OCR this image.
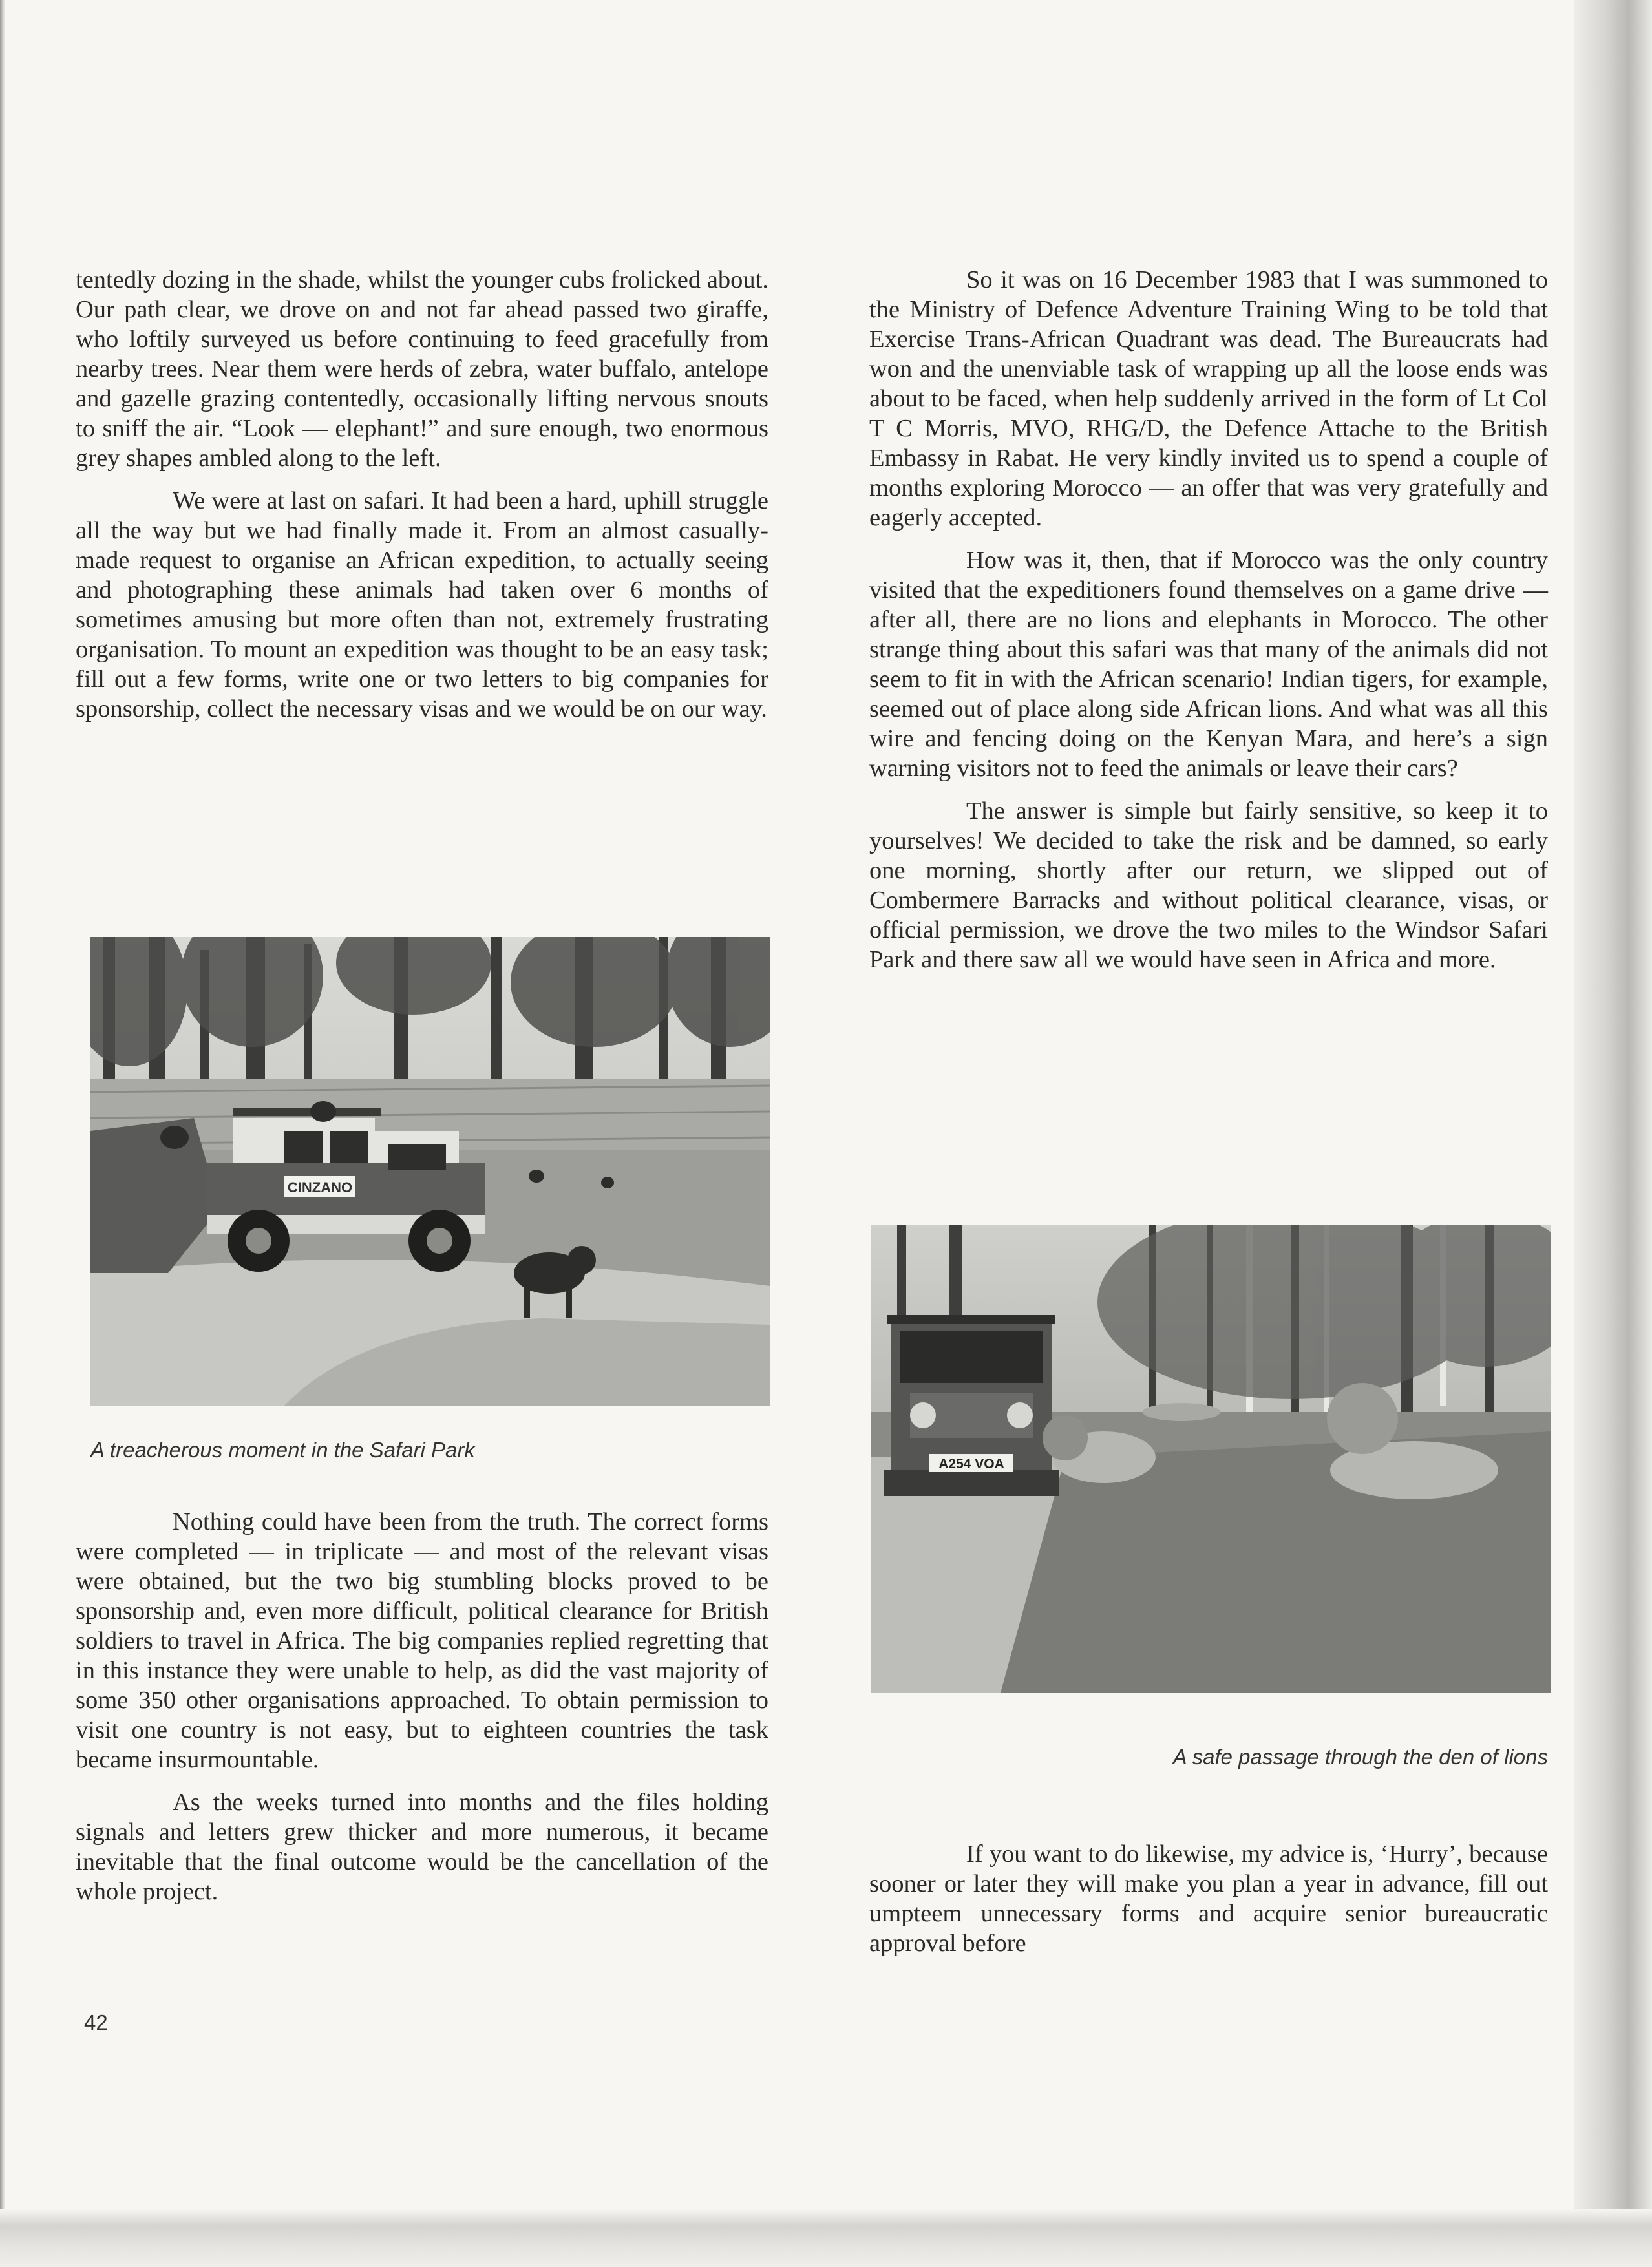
tentedly dozing in the shade, whilst the younger cubs frolicked about. Our path clear, we drove on and not far ahead passed two giraffe, who loftily surveyed us before continuing to feed gracefully from nearby trees. Near them were herds of zebra, water buffalo, antelope and gazelle grazing contentedly, occasionally lifting nervous snouts to sniff the air. “Look — elephant!” and sure enough, two enormous grey shapes ambled along to the left.

We were at last on safari. It had been a hard, uphill struggle all the way but we had finally made it. From an almost casually-made request to organise an African expedition, to actually seeing and photographing these animals had taken over 6 months of sometimes amusing but more often than not, extremely frustrating organisation. To mount an expedition was thought to be an easy task; fill out a few forms, write one or two letters to big companies for sponsorship, collect the necessary visas and we would be on our way.

CINZANO
A treacherous moment in the Safari Park

Nothing could have been from the truth. The correct forms were completed — in triplicate — and most of the relevant visas were obtained, but the two big stumbling blocks proved to be sponsorship and, even more difficult, political clearance for British soldiers to travel in Africa. The big companies replied regretting that in this instance they were unable to help, as did the vast majority of some 350 other organisations approached. To obtain permission to visit one country is not easy, but to eighteen countries the task became insurmountable.

As the weeks turned into months and the files holding signals and letters grew thicker and more numerous, it became inevitable that the final outcome would be the cancellation of the whole project.

So it was on 16 December 1983 that I was summoned to the Ministry of Defence Adventure Training Wing to be told that Exercise Trans-African Quadrant was dead. The Bureaucrats had won and the unenviable task of wrapping up all the loose ends was about to be faced, when help suddenly arrived in the form of Lt Col T C Morris, MVO, RHG/D, the Defence Attache to the British Embassy in Rabat. He very kindly invited us to spend a couple of months exploring Morocco — an offer that was very gratefully and eagerly accepted.

How was it, then, that if Morocco was the only country visited that the expeditioners found themselves on a game drive — after all, there are no lions and elephants in Morocco. The other strange thing about this safari was that many of the animals did not seem to fit in with the African scenario! Indian tigers, for example, seemed out of place along side African lions. And what was all this wire and fencing doing on the Kenyan Mara, and here’s a sign warning visitors not to feed the animals or leave their cars?

The answer is simple but fairly sensitive, so keep it to yourselves! We decided to take the risk and be damned, so early one morning, shortly after our return, we slipped out of Combermere Barracks and without political clearance, visas, or official permission, we drove the two miles to the Windsor Safari Park and there saw all we would have seen in Africa and more.

A254 VOA
A safe passage through the den of lions

If you want to do likewise, my advice is, ‘Hurry’, because sooner or later they will make you plan a year in advance, fill out umpteem unnecessary forms and acquire senior bureaucratic approval before

42
